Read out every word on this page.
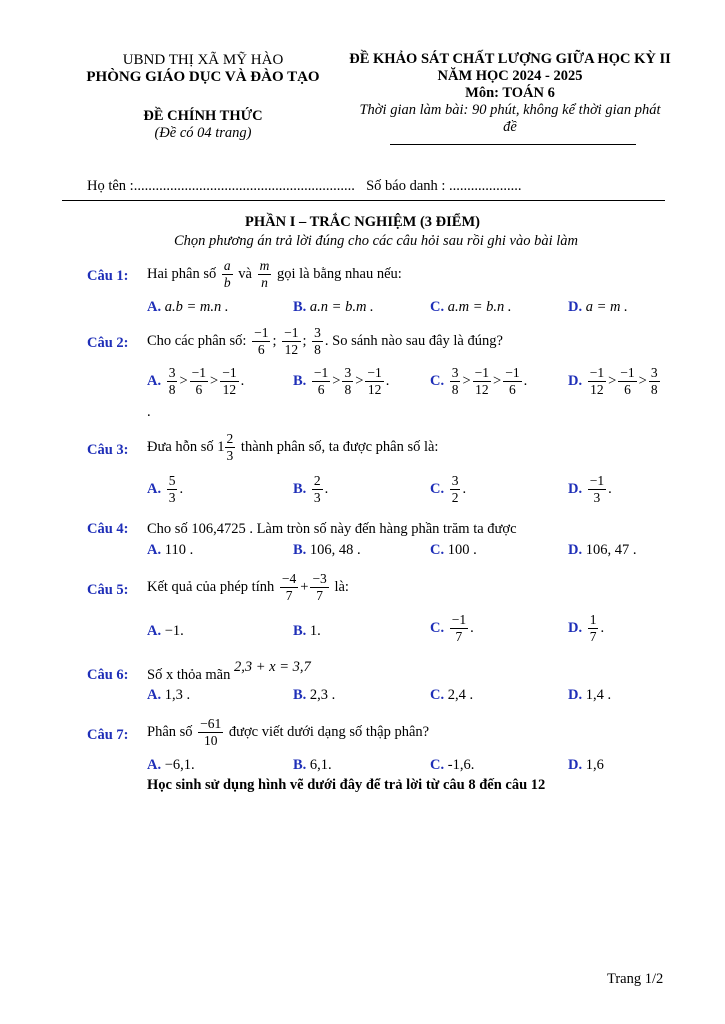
UBND THỊ XÃ MỸ HÀO
PHÒNG GIÁO DỤC VÀ ĐÀO TẠO
ĐỀ CHÍNH THỨC
(Đề có 04 trang)
ĐỀ KHẢO SÁT CHẤT LƯỢNG GIỮA HỌC KỲ II
NĂM HỌC 2024 - 2025
Môn: TOÁN 6
Thời gian làm bài: 90 phút, không kể thời gian phát
đề
Họ tên :............................................................. Số báo danh : ....................
PHẦN I – TRẮC NGHIỆM (3 ĐIỂM)
Chọn phương án trả lời đúng cho các câu hỏi sau rồi ghi vào bài làm
Câu 1: Hai phân số $\frac{a}{b}$ và $\frac{m}{n}$ gọi là bằng nhau nếu:
A. a.b = m.n .	B. a.n = b.m .	C. a.m = b.n .	D. a = m .
Câu 2: Cho các phân số: $\frac{-1}{6}$ ; $\frac{-1}{12}$ ; $\frac{3}{8}$ . So sánh nào sau đây là đúng?
A. $\frac{3}{8} > \frac{-1}{6} > \frac{-1}{12}$ .	B. $\frac{-1}{6} > \frac{3}{8} > \frac{-1}{12}$ .	C. $\frac{3}{8} > \frac{-1}{12} > \frac{-1}{6}$ .	D. $\frac{-1}{12} > \frac{-1}{6} > \frac{3}{8}$
.
Câu 3: Đưa hỗn số $1 \frac{2}{3}$ thành phân số, ta được phân số là:
A. $\frac{5}{3}$ .	B. $\frac{2}{3}$ .	C. $\frac{3}{2}$ .	D. $\frac{-1}{3}$ .
Câu 4: Cho số 106,4725 . Làm tròn số này đến hàng phần trăm ta được
A. 110 .	B. 106, 48 .	C. 100 .	D. 106, 47 .
Câu 5: Kết quả của phép tính $\frac{-4}{7} + \frac{-3}{7}$ là:
A. −1.	B. 1.	C. $\frac{-1}{7}$ .	D. $\frac{1}{7}$ .
Câu 6: Số x thỏa mãn 2,3 + x = 3,7
A. 1,3 .	B. 2,3 .	C. 2,4 .	D. 1,4 .
Câu 7: Phân số $\frac{-61}{10}$ được viết dưới dạng số thập phân?
A. −6,1.	B. 6,1.	C. -1,6.	D. 1,6
Học sinh sử dụng hình vẽ dưới đây để trả lời từ câu 8 đến câu 12
Trang 1/2
